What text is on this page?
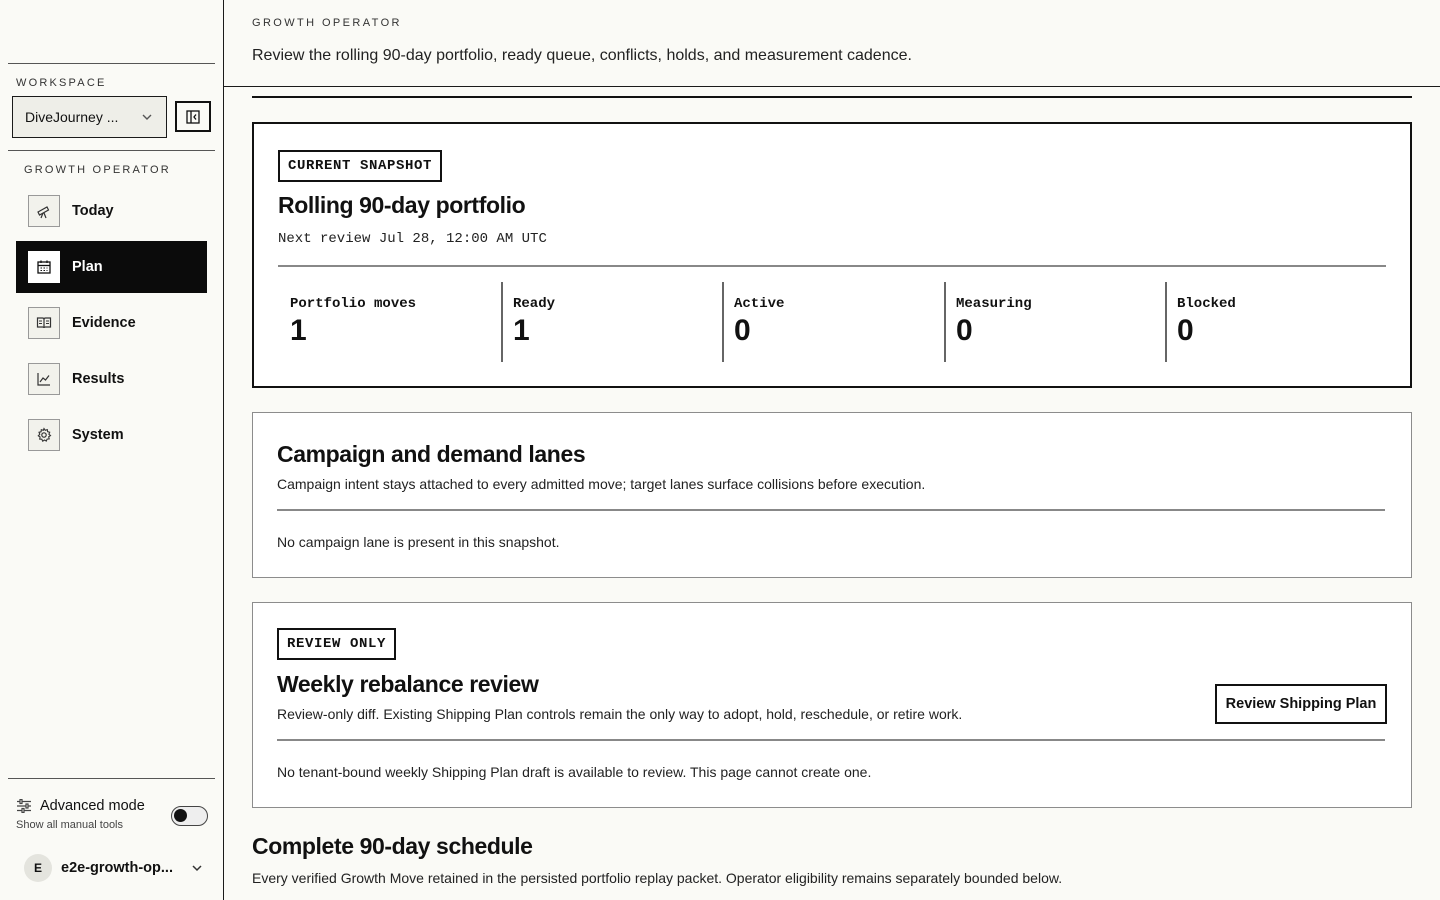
WORKSPACE
DiveJourney ...
GROWTH OPERATOR
Today
Plan
Evidence
Results
System
Advanced mode
Show all manual tools
E	e2e-growth-op...
GROWTH OPERATOR
Review the rolling 90-day portfolio, ready queue, conflicts, holds, and measurement cadence.
CURRENT SNAPSHOT
Rolling 90-day portfolio
Next review Jul 28, 12:00 AM UTC
Portfolio moves
1
Ready
1
Active
0
Measuring
0
Blocked
0
Campaign and demand lanes
Campaign intent stays attached to every admitted move; target lanes surface collisions before execution.
No campaign lane is present in this snapshot.
REVIEW ONLY
Weekly rebalance review
Review-only diff. Existing Shipping Plan controls remain the only way to adopt, hold, reschedule, or retire work.
Review Shipping Plan
No tenant-bound weekly Shipping Plan draft is available to review. This page cannot create one.
Complete 90-day schedule
Every verified Growth Move retained in the persisted portfolio replay packet. Operator eligibility remains separately bounded below.
